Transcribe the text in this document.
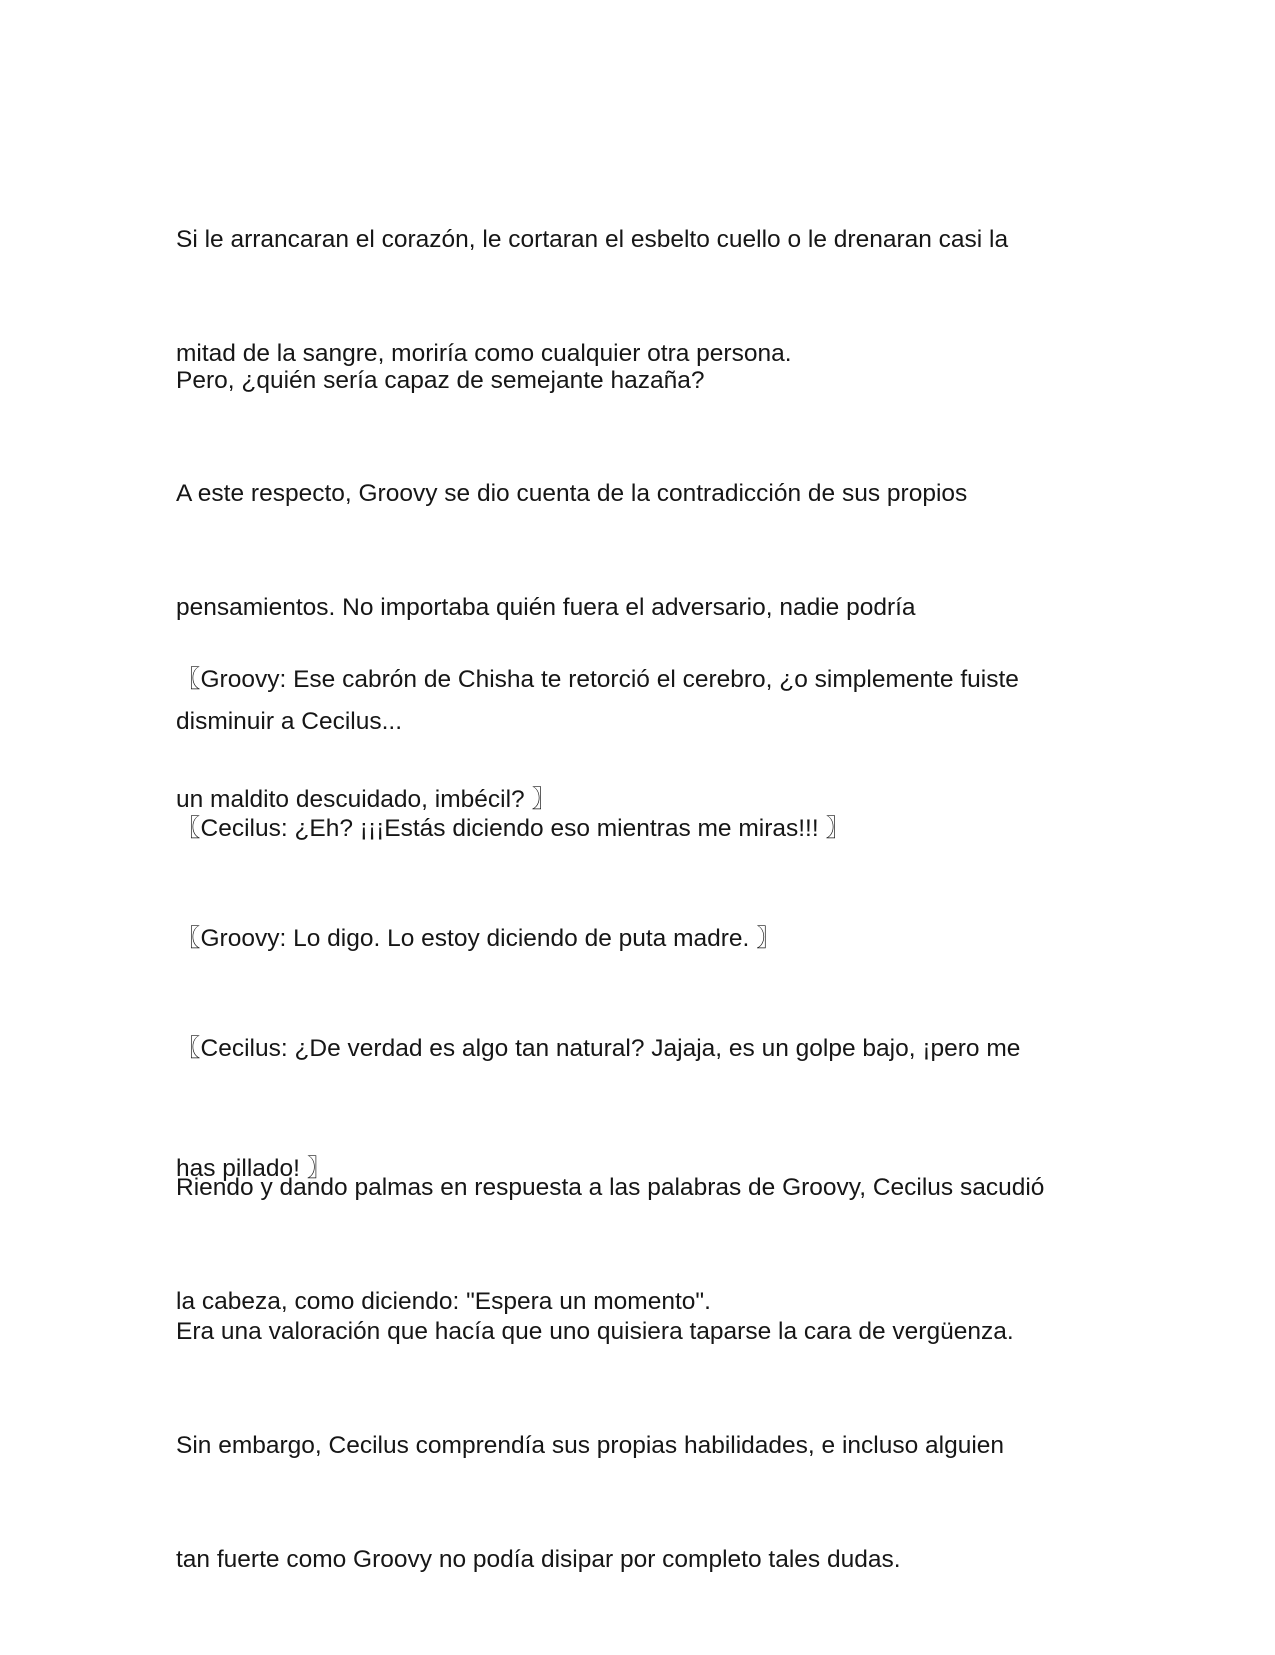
Si le arrancaran el corazón, le cortaran el esbelto cuello o le drenaran casi la

mitad de la sangre, moriría como cualquier otra persona.

Pero, ¿quién sería capaz de semejante hazaña?

A este respecto, Groovy se dio cuenta de la contradicción de sus propios

pensamientos. No importaba quién fuera el adversario, nadie podría

disminuir a Cecilus...

〖Groovy: Ese cabrón de Chisha te retorció el cerebro, ¿o simplemente fuiste

un maldito descuidado, imbécil? 〗

〖Cecilus: ¿Eh? ¡¡¡Estás diciendo eso mientras me miras!!! 〗

〖Groovy: Lo digo. Lo estoy diciendo de puta madre. 〗

〖Cecilus: ¿De verdad es algo tan natural? Jajaja, es un golpe bajo, ¡pero me

has pillado! 〗

Riendo y dando palmas en respuesta a las palabras de Groovy, Cecilus sacudió

la cabeza, como diciendo: "Espera un momento".

Era una valoración que hacía que uno quisiera taparse la cara de vergüenza.

Sin embargo, Cecilus comprendía sus propias habilidades, e incluso alguien

tan fuerte como Groovy no podía disipar por completo tales dudas.
